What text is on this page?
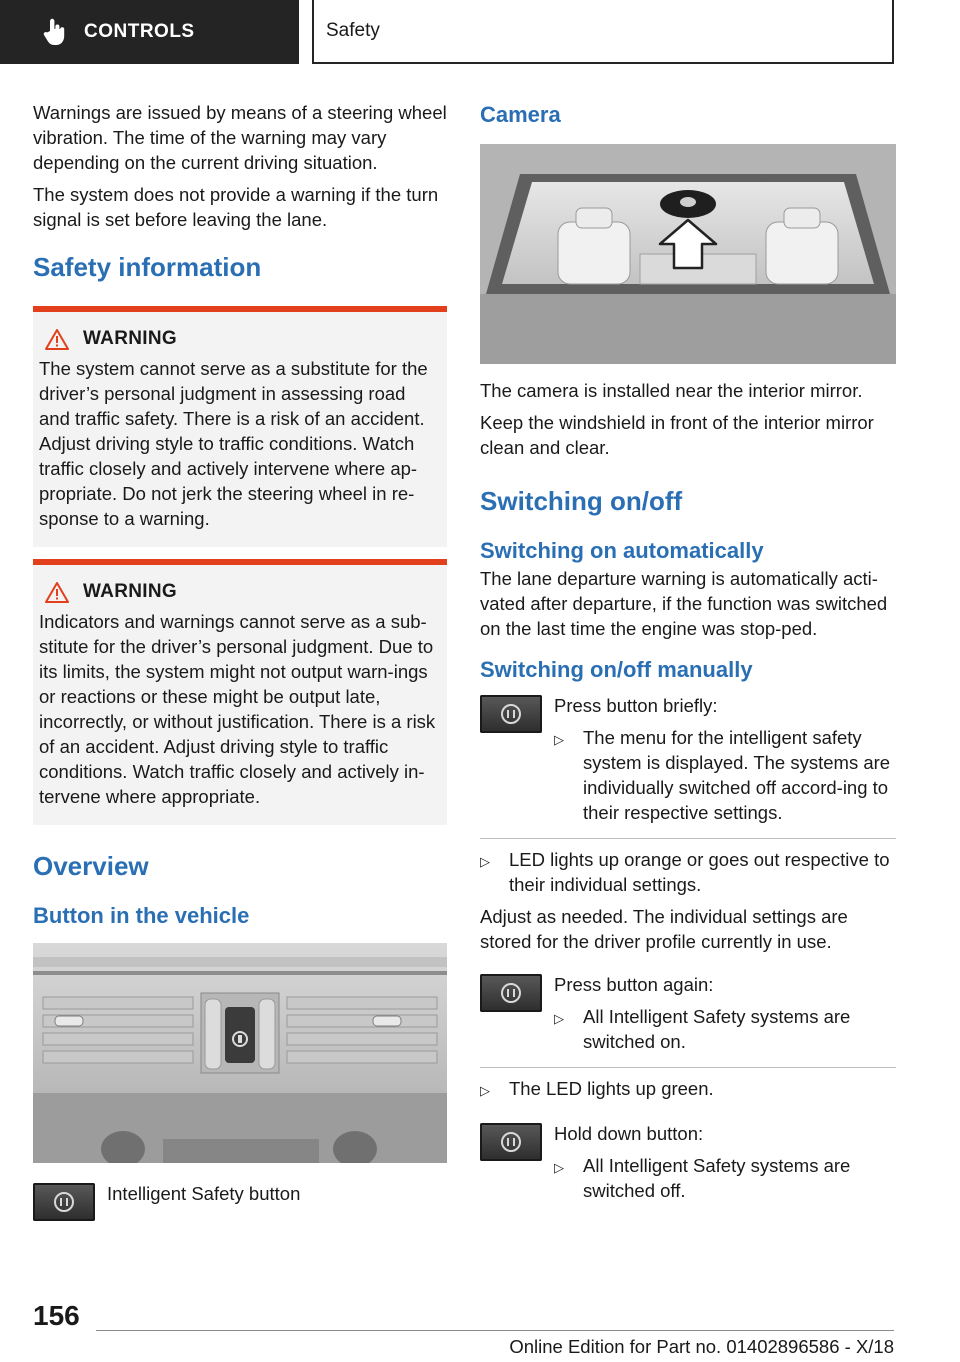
CONTROLS	Safety

Warnings are issued by means of a steering wheel vibration. The time of the warning may vary depending on the current driving situation.

The system does not provide a warning if the turn signal is set before leaving the lane.

Safety information
WARNING

The system cannot serve as a substitute for the driver’s personal judgment in assessing road and traffic safety. There is a risk of an accident. Adjust driving style to traffic conditions. Watch traffic closely and actively intervene where ap‐propriate. Do not jerk the steering wheel in re‐sponse to a warning.

WARNING

Indicators and warnings cannot serve as a sub‐stitute for the driver’s personal judgment. Due to its limits, the system might not output warn‐ings or reactions or these might be output late, incorrectly, or without justification. There is a risk of an accident. Adjust driving style to traffic conditions. Watch traffic closely and actively in‐tervene where appropriate.

Overview
Button in the vehicle

Intelligent Safety button

Camera

The camera is installed near the interior mirror.

Keep the windshield in front of the interior mirror clean and clear.

Switching on/off
Switching on automatically

The lane departure warning is automatically acti‐vated after departure, if the function was switched on the last time the engine was stop‐ped.

Switching on/off manually

Press button briefly:

▷	The menu for the intelligent safety system is displayed. The systems are individually switched off accord‐ing to their respective settings.
▷	LED lights up orange or goes out respective to their individual settings.

Adjust as needed. The individual settings are stored for the driver profile currently in use.

Press button again:

▷	All Intelligent Safety systems are switched on.
▷	The LED lights up green.

Hold down button:

▷	All Intelligent Safety systems are switched off.
156
Online Edition for Part no. 01402896586 - X/18
